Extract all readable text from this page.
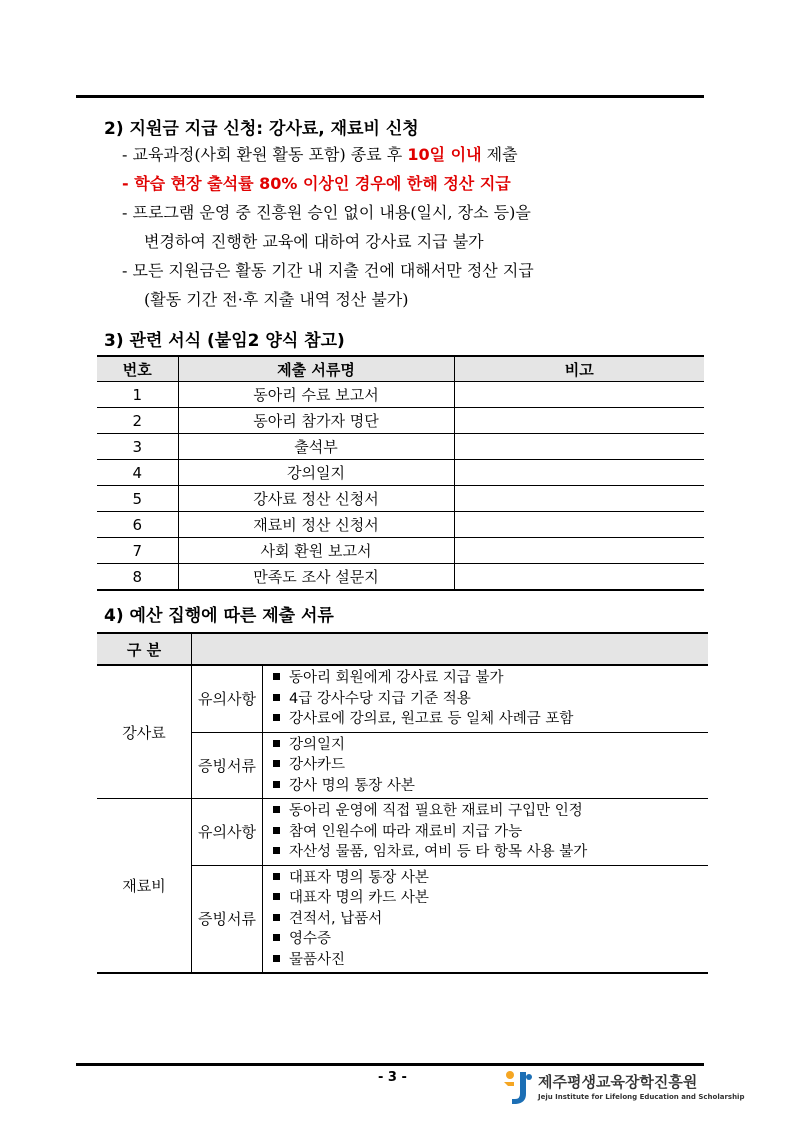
2) 지원금 지급 신청: 강사료, 재료비 신청
- 교육과정(사회 환원 활동 포함) 종료 후 10일 이내 제출
- 학습 현장 출석률 80% 이상인 경우에 한해 정산 지급
- 프로그램 운영 중 진흥원 승인 없이 내용(일시, 장소 등)을
변경하여 진행한 교육에 대하여 강사료 지급 불가
- 모든 지원금은 활동 기간 내 지출 건에 대해서만 정산 지급
(활동 기간 전·후 지출 내역 정산 불가)
3) 관련 서식 (붙임2 양식 참고)
번호	제출 서류명	비고
1	동아리 수료 보고서	
2	동아리 참가자 명단	
3	출석부	
4	강의일지	
5	강사료 정산 신청서	
6	재료비 정산 신청서	
7	사회 환원 보고서	
8	만족도 조사 설문지	
4) 예산 집행에 따른 제출 서류
구 분		
강사료	유의사항	동아리 회원에게 강사료 지급 불가
4급 강사수당 지급 기준 적용
강사료에 강의료, 원고료 등 일체 사례금 포함

	증빙서류	강의일지
강사카드
강사 명의 통장 사본

재료비	유의사항	동아리 운영에 직접 필요한 재료비 구입만 인정
참여 인원수에 따라 재료비 지급 가능
자산성 물품, 임차료, 여비 등 타 항목 사용 불가

	증빙서류	대표자 명의 통장 사본
대표자 명의 카드 사본
견적서, 납품서
영수증
물품사진
- 3 -	제주평생교육장학진흥원
Jeju Institute for Lifelong Education and Scholarship
